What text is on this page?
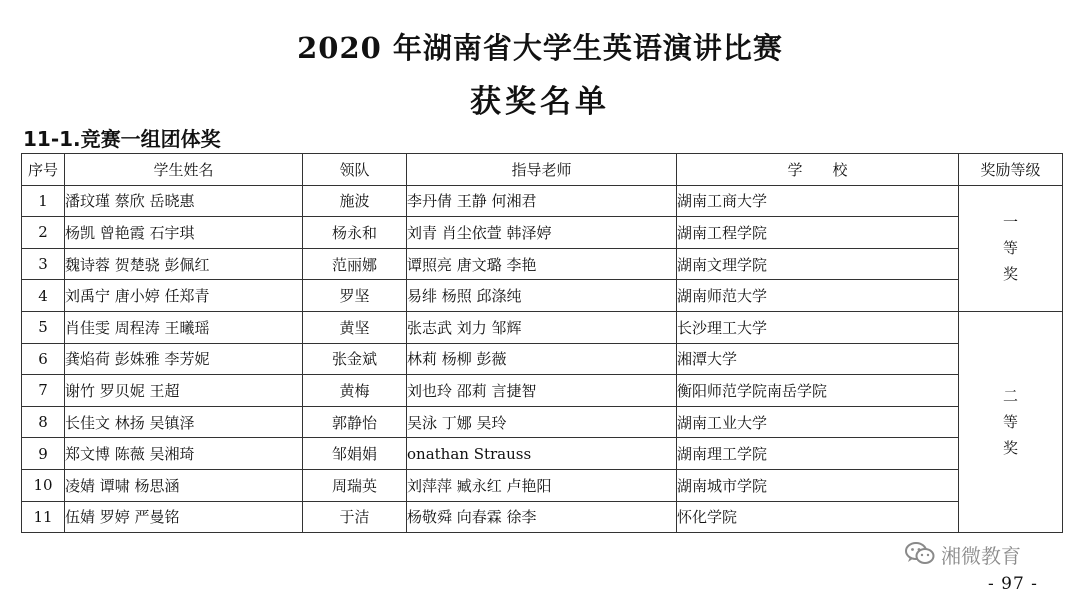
2020 年湖南省大学生英语演讲比赛
获奖名单
11-1.竞赛一组团体奖
序号	学生姓名	领队	指导老师	学　　校	奖励等级
1	潘玟瑾 蔡欣 岳晓惠	施波	李丹倩 王静 何湘君	湖南工商大学	一
等
奖

2	杨凯 曾艳霞 石宇琪	杨永和	刘青 肖尘依萱 韩泽婷	湖南工程学院	
3	魏诗蓉 贺楚骁 彭佩红	范丽娜	谭照亮 唐文璐 李艳	湖南文理学院	
4	刘禹宁 唐小婷 任郑青	罗坚	易绯 杨照 邱涤纯	湖南师范大学	
5	肖佳雯 周程涛 王曦瑶	黄坚	张志武 刘力 邹辉	长沙理工大学	二
等
奖

6	龚焰荷 彭姝雅 李芳妮	张金斌	林莉 杨柳 彭薇	湘潭大学	
7	谢竹 罗贝妮 王超	黄梅	刘也玲 邵莉 言捷智	衡阳师范学院南岳学院	
8	长佳文 林扬 吴镇泽	郭静怡	吴泳 丁娜 吴玲	湖南工业大学	
9	郑文博 陈薇 吴湘琦	邹娟娟	onathan Strauss	湖南理工学院	
10	凌婧 谭啸 杨思涵	周瑞英	刘萍萍 臧永红 卢艳阳	湖南城市学院	
11	伍婧 罗婷 严曼铭	于洁	杨敬舜 向春霖 徐李	怀化学院	
湘微教育
- 97 -
